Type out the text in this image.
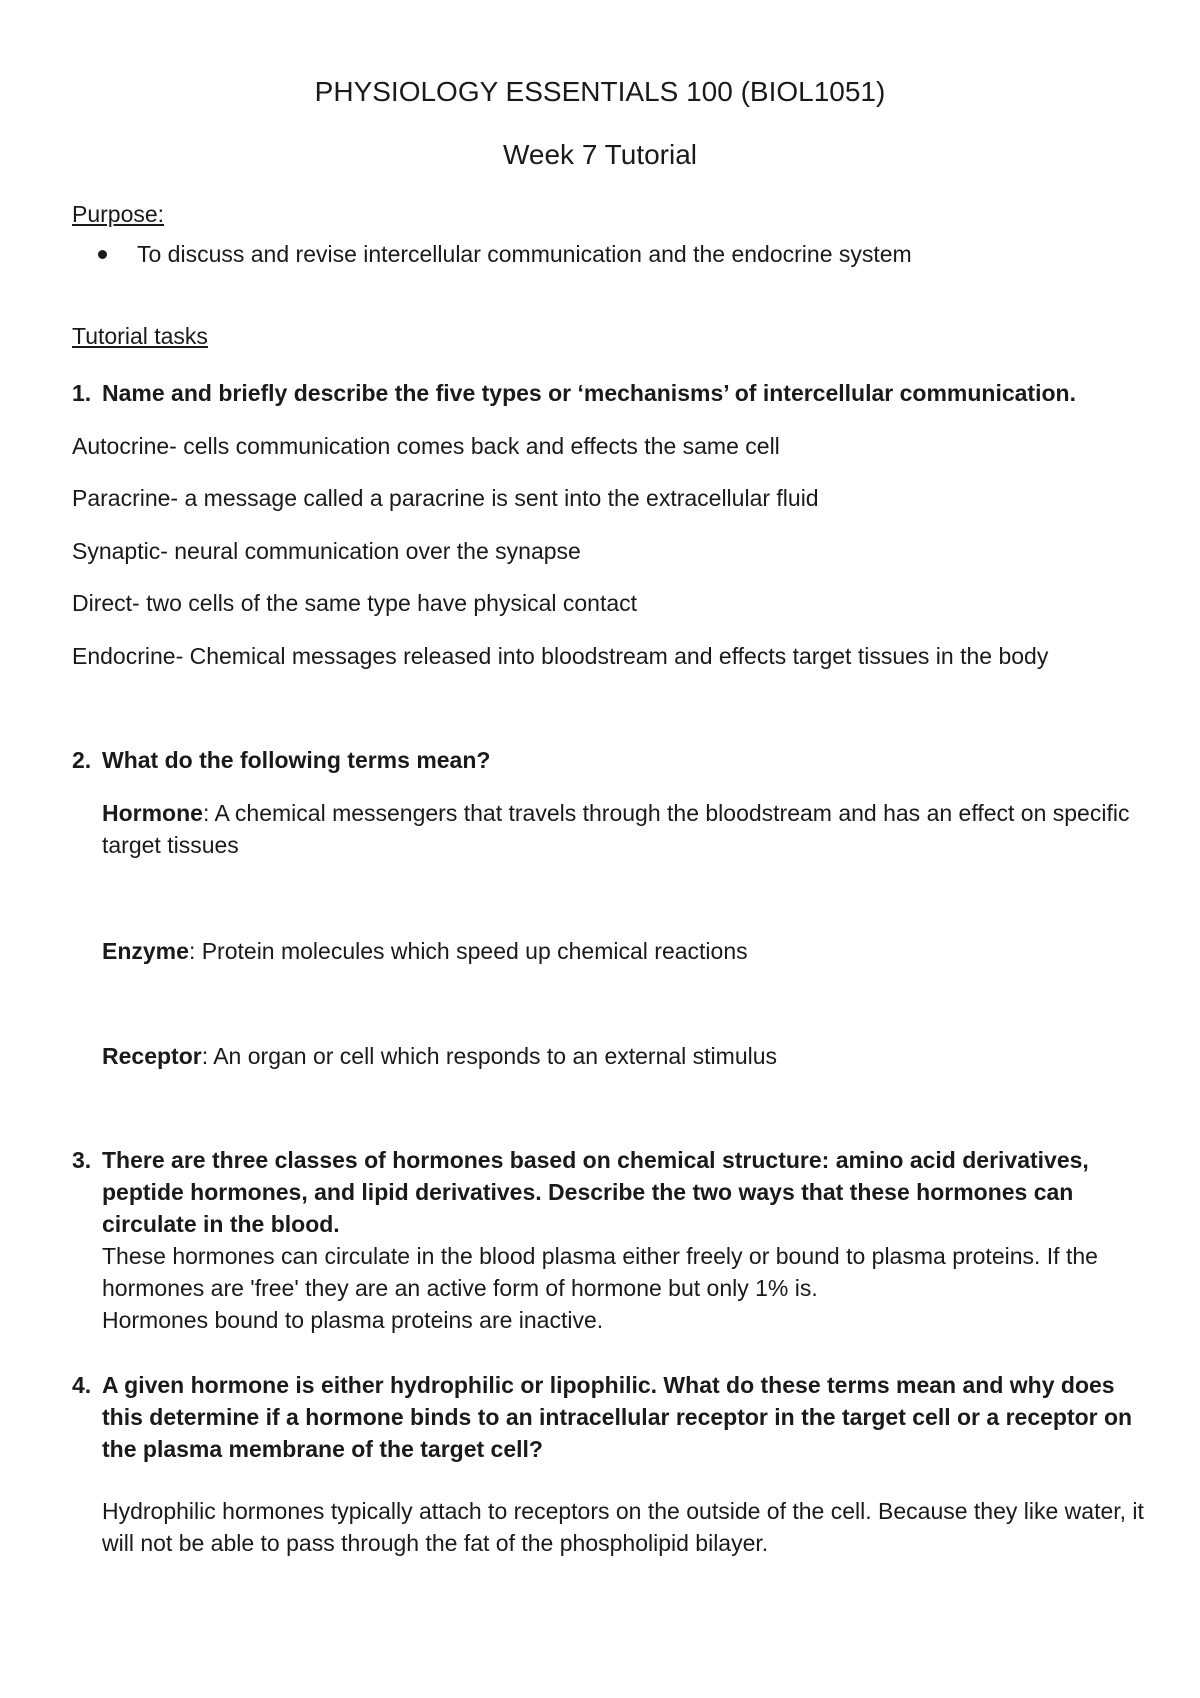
PHYSIOLOGY ESSENTIALS 100 (BIOL1051)
Week 7 Tutorial
Purpose:
To discuss and revise intercellular communication and the endocrine system
Tutorial tasks
1. Name and briefly describe the five types or ‘mechanisms’ of intercellular communication.
Autocrine- cells communication comes back and effects the same cell
Paracrine- a message called a paracrine is sent into the extracellular fluid
Synaptic- neural communication over the synapse
Direct- two cells of the same type have physical contact
Endocrine- Chemical messages released into bloodstream and effects target tissues in the body
2. What do the following terms mean?
Hormone: A chemical messengers that travels through the bloodstream and has an effect on specific target tissues
Enzyme: Protein molecules which speed up chemical reactions
Receptor: An organ or cell which responds to an external stimulus
3. There are three classes of hormones based on chemical structure: amino acid derivatives, peptide hormones, and lipid derivatives. Describe the two ways that these hormones can circulate in the blood.
These hormones can circulate in the blood plasma either freely or bound to plasma proteins. If the hormones are 'free' they are an active form of hormone but only 1% is.
Hormones bound to plasma proteins are inactive.
4. A given hormone is either hydrophilic or lipophilic. What do these terms mean and why does this determine if a hormone binds to an intracellular receptor in the target cell or a receptor on the plasma membrane of the target cell?
Hydrophilic hormones typically attach to receptors on the outside of the cell. Because they like water, it will not be able to pass through the fat of the phospholipid bilayer.
